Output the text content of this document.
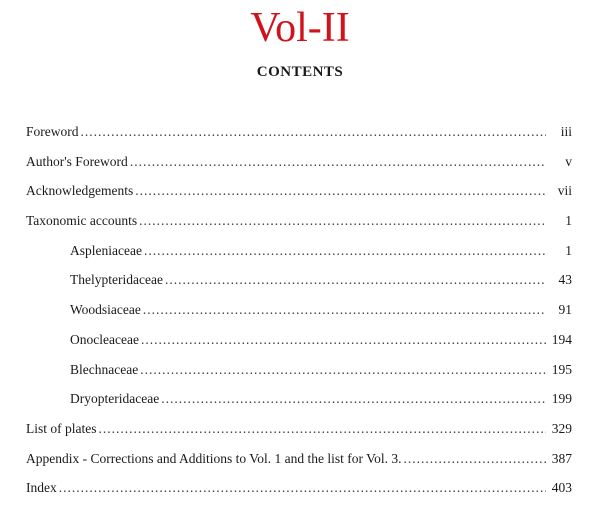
Vol-II
CONTENTS
Foreword .....	iii
Author's Foreword .....	v
Acknowledgements .....	vii
Taxonomic accounts .....	1
Aspleniaceae .....	1
Thelypteridaceae .....	43
Woodsiaceae .....	91
Onocleaceae .....	194
Blechnaceae .....	195
Dryopteridaceae .....	199
List of plates .....	329
Appendix - Corrections and Additions to Vol. 1 and the list for Vol. 3. .....	387
Index .....	403
